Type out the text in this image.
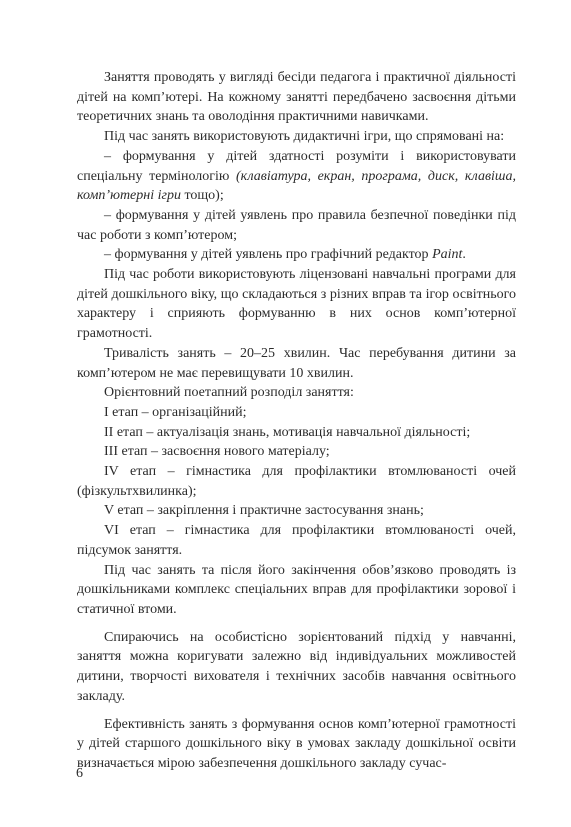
Заняття проводять у вигляді бесіди педагога і практичної діяльності дітей на комп’ютері. На кожному занятті передбачено засвоєння дітьми теоретичних знань та оволодіння практичними навичками.

Під час занять використовують дидактичні ігри, що спрямовані на:

– формування у дітей здатності розуміти і використовувати спеціальну термінологію (клавіатура, екран, програма, диск, клавіша, комп’ютерні ігри тощо);

– формування у дітей уявлень про правила безпечної поведінки під час роботи з комп’ютером;

– формування у дітей уявлень про графічний редактор Paint.

Під час роботи використовують ліцензовані навчальні програми для дітей дошкільного віку, що складаються з різних вправ та ігор освітнього характеру і сприяють формуванню в них основ комп’ютерної грамотності.

Тривалість занять – 20–25 хвилин. Час перебування дитини за комп’ютером не має перевищувати 10 хвилин.

Орієнтовний поетапний розподіл заняття:

І етап – організаційний;

ІІ етап – актуалізація знань, мотивація навчальної діяльності;

ІІІ етап – засвоєння нового матеріалу;

ІV етап – гімнастика для профілактики втомлюваності очей (фізкультхвилинка);

V етап – закріплення і практичне застосування знань;

VІ етап – гімнастика для профілактики втомлюваності очей, підсумок заняття.

Під час занять та після його закінчення обов’язково проводять із дошкільниками комплекс спеціальних вправ для профілактики зорової і статичної втоми.

Спираючись на особистісно зорієнтований підхід у навчанні, заняття можна коригувати залежно від індивідуальних можливостей дитини, творчості вихователя і технічних засобів навчання освітнього закладу.

Ефективність занять з формування основ комп’ютерної грамотності у дітей старшого дошкільного віку в умовах закладу дошкільної освіти визначається мірою забезпечення дошкільного закладу сучас-

6
